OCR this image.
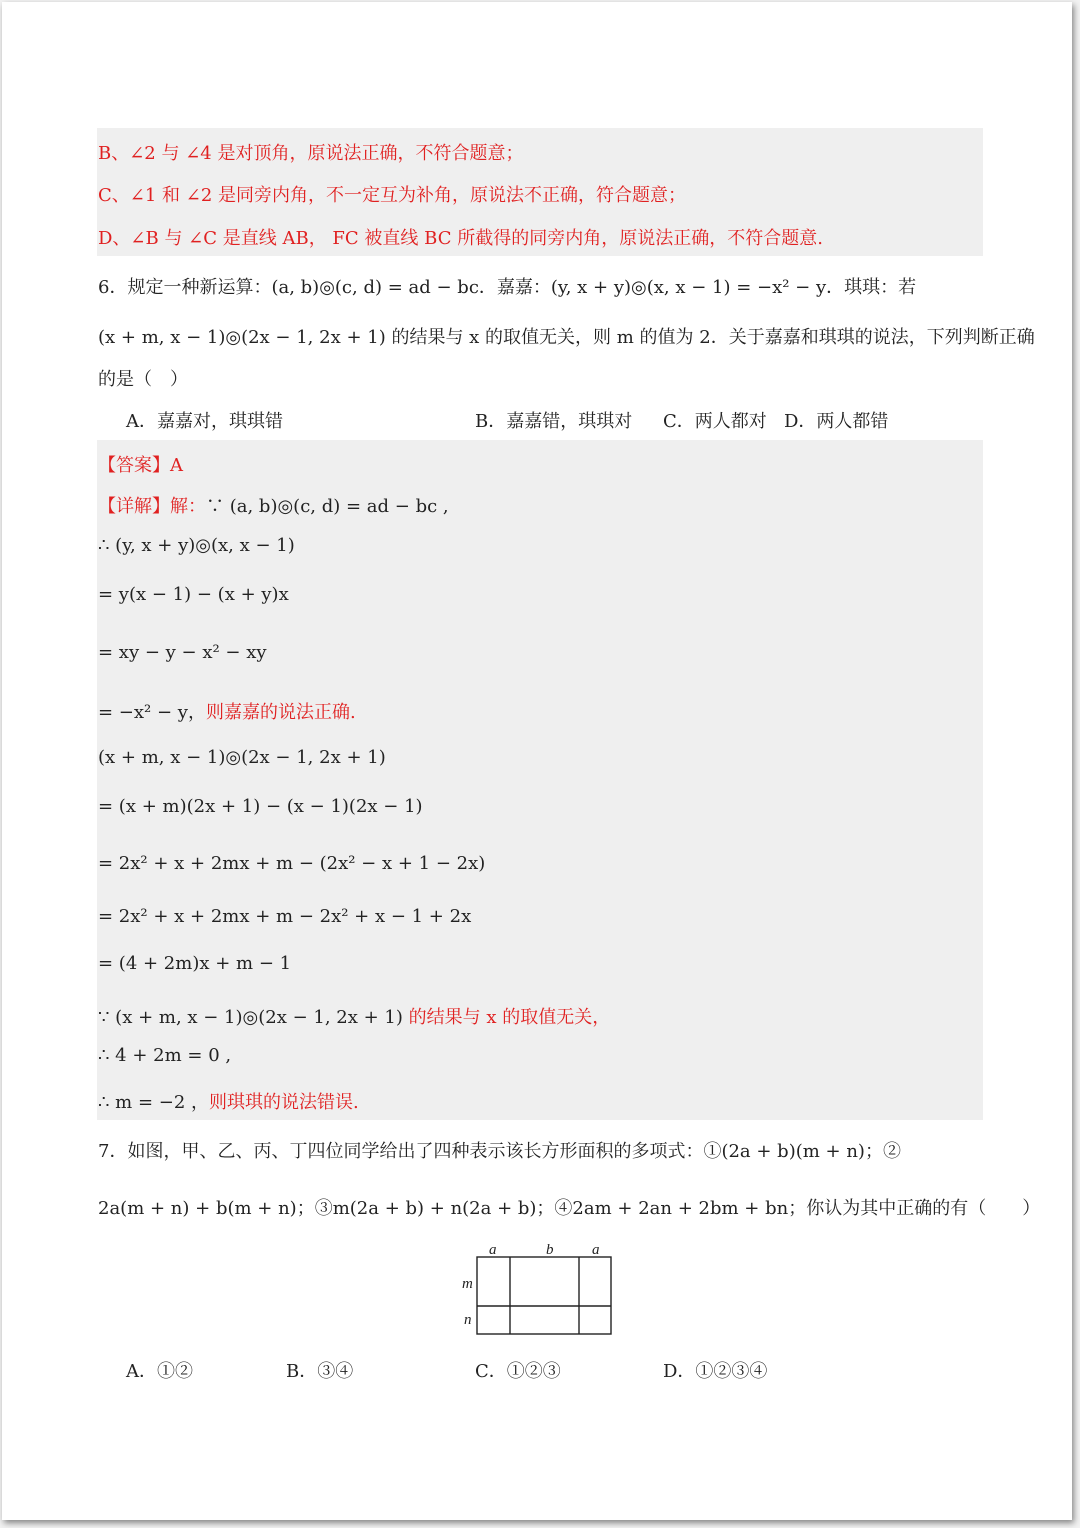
B、∠2 与 ∠4 是对顶角，原说法正确，不符合题意；
C、∠1 和 ∠2 是同旁内角，不一定互为补角，原说法不正确，符合题意；
D、∠B 与 ∠C 是直线 AB， FC 被直线 BC 所截得的同旁内角，原说法正确，不符合题意.
6．规定一种新运算：(a, b)◎(c, d) = ad − bc．嘉嘉：(y, x + y)◎(x, x − 1) = −x² − y．琪琪：若
(x + m, x − 1)◎(2x − 1, 2x + 1) 的结果与 x 的取值无关，则 m 的值为 2．关于嘉嘉和琪琪的说法，下列判断正确
的是（　）
A．嘉嘉对，琪琪错	B．嘉嘉错，琪琪对 C．两人都对 D．两人都错
【答案】A
【详解】解：∵ (a, b)◎(c, d) = ad − bc ,
∴ (y, x + y)◎(x, x − 1)
= y(x − 1) − (x + y)x
= xy − y − x² − xy
= −x² − y，则嘉嘉的说法正确.
(x + m, x − 1)◎(2x − 1, 2x + 1)
= (x + m)(2x + 1) − (x − 1)(2x − 1)
= 2x² + x + 2mx + m − (2x² − x + 1 − 2x)
= 2x² + x + 2mx + m − 2x² + x − 1 + 2x
= (4 + 2m)x + m − 1
∵ (x + m, x − 1)◎(2x − 1, 2x + 1) 的结果与 x 的取值无关，
∴ 4 + 2m = 0 ,
∴ m = −2 ，则琪琪的说法错误.
7．如图，甲、乙、丙、丁四位同学给出了四种表示该长方形面积的多项式：①(2a + b)(m + n)；②
2a(m + n) + b(m + n)；③m(2a + b) + n(2a + b)；④2am + 2an + 2bm + bn；你认为其中正确的有（　　）
a	b	a
m
n
A．①②	B．③④	C．①②③	D．①②③④
